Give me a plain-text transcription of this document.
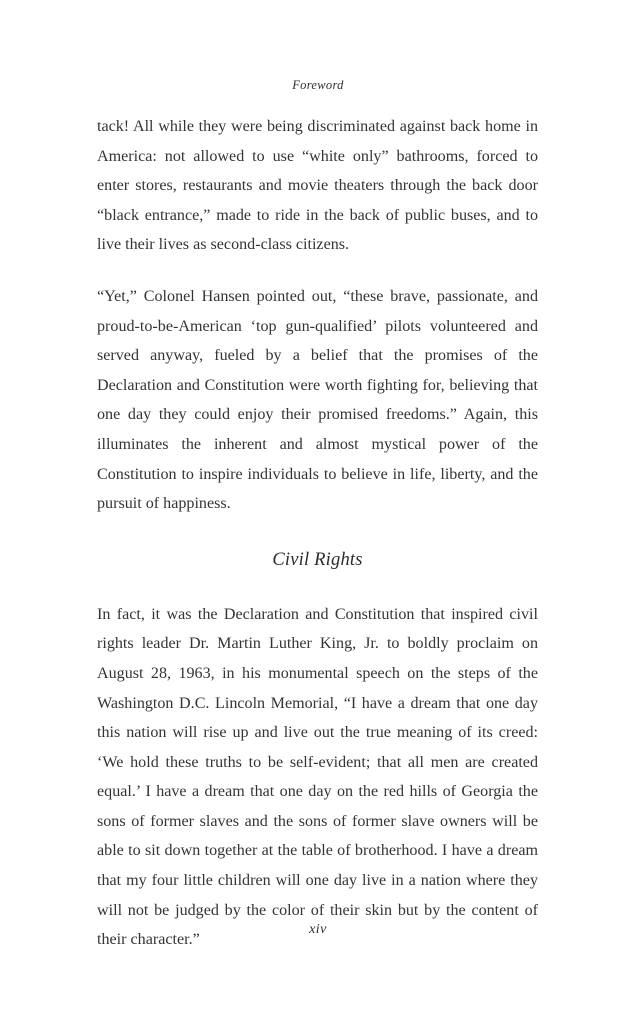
Foreword

tack! All while they were being discriminated against back home in America: not allowed to use “white only” bathrooms, forced to enter stores, restaurants and movie theaters through the back door “black entrance,” made to ride in the back of public buses, and to live their lives as second-class citizens.

“Yet,” Colonel Hansen pointed out, “these brave, passionate, and proud-to-be-American ‘top gun-qualified’ pilots volunteered and served anyway, fueled by a belief that the promises of the Declaration and Constitution were worth fighting for, believing that one day they could enjoy their promised freedoms.” Again, this illuminates the inherent and almost mystical power of the Constitution to inspire individuals to believe in life, liberty, and the pursuit of happiness.

Civil Rights

In fact, it was the Declaration and Constitution that inspired civil rights leader Dr. Martin Luther King, Jr. to boldly proclaim on August 28, 1963, in his monumental speech on the steps of the Washington D.C. Lincoln Memorial, “I have a dream that one day this nation will rise up and live out the true meaning of its creed: ‘We hold these truths to be self-evident; that all men are created equal.’ I have a dream that one day on the red hills of Georgia the sons of former slaves and the sons of former slave owners will be able to sit down together at the table of brotherhood. I have a dream that my four little children will one day live in a nation where they will not be judged by the color of their skin but by the content of their character.”

xiv
